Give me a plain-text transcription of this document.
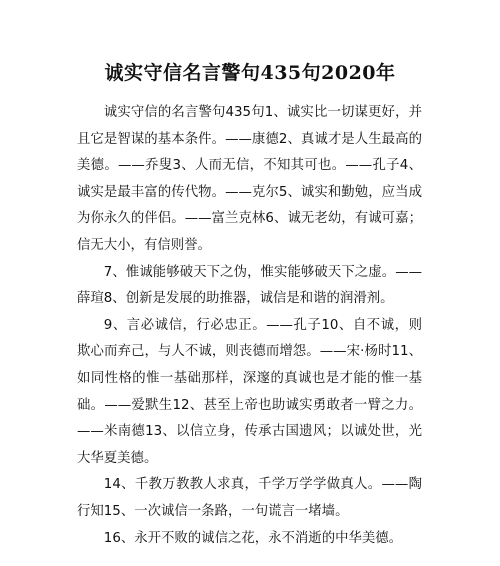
诚实守信名言警句435句2020年

诚实守信的名言警句435句1、诚实比一切谋更好，并且它是智谋的基本条件。——康德2、真诚才是人生最高的美德。——乔叟3、人而无信，不知其可也。——孔子4、诚实是最丰富的传代物。——克尔5、诚实和勤勉，应当成为你永久的伴侣。——富兰克林6、诚无老幼，有诚可嘉；信无大小，有信则誉。

7、惟诚能够破天下之伪，惟实能够破天下之虚。——薛瑄8、创新是发展的助推器，诚信是和谐的润滑剂。

9、言必诚信，行必忠正。——孔子10、自不诚，则欺心而弃己，与人不诚，则丧德而增怨。——宋·杨时11、如同性格的惟一基础那样，深邃的真诚也是才能的惟一基础。——爱默生12、甚至上帝也助诚实勇敢者一臂之力。——米南德13、以信立身，传承古国遗风；以诚处世，光大华夏美德。

14、千教万教教人求真，千学万学学做真人。——陶行知15、一次诚信一条路，一句谎言一堵墙。

16、永开不败的诚信之花，永不消逝的中华美德。
